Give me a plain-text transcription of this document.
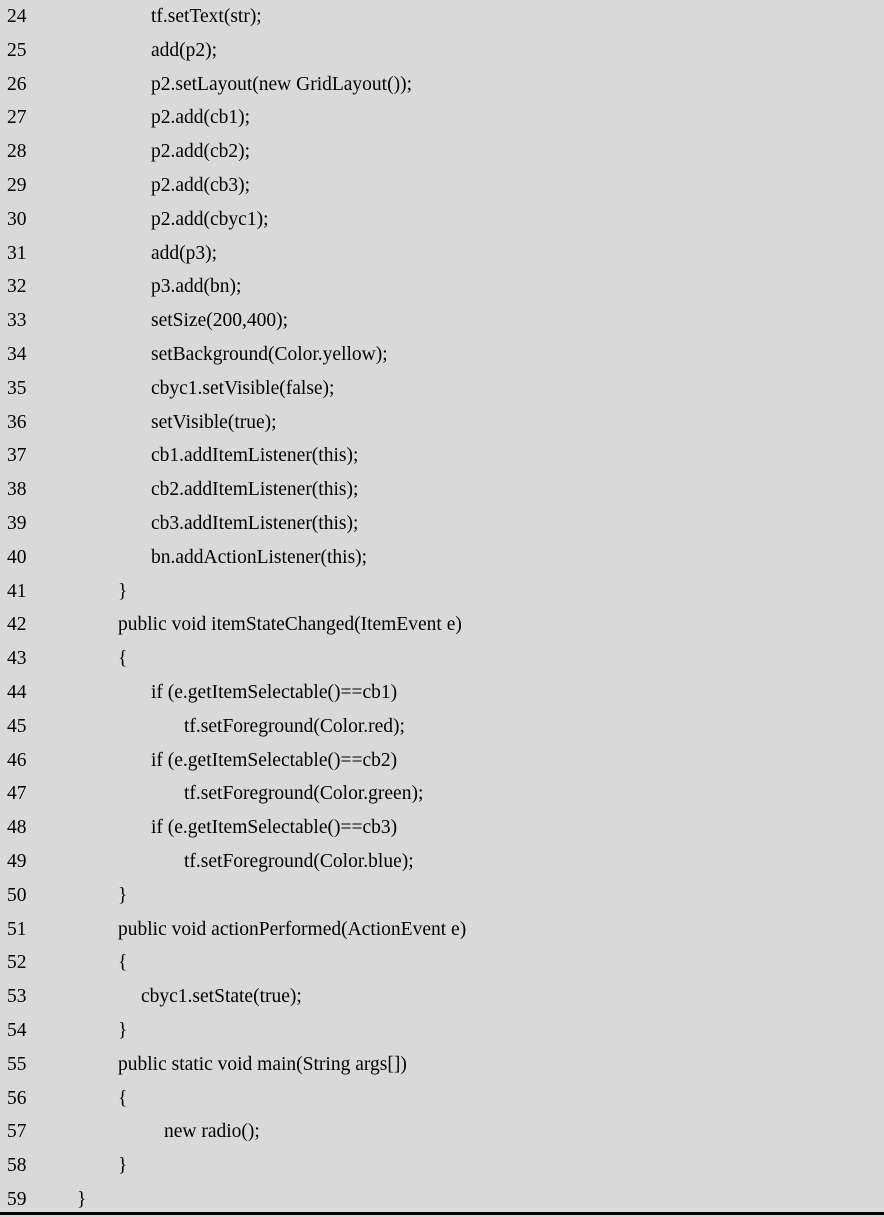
24	tf.setText(str);
25	add(p2);
26	p2.setLayout(new GridLayout());
27	p2.add(cb1);
28	p2.add(cb2);
29	p2.add(cb3);
30	p2.add(cbyc1);
31	add(p3);
32	p3.add(bn);
33	setSize(200,400);
34	setBackground(Color.yellow);
35	cbyc1.setVisible(false);
36	setVisible(true);
37	cb1.addItemListener(this);
38	cb2.addItemListener(this);
39	cb3.addItemListener(this);
40	bn.addActionListener(this);
41	}
42	public void itemStateChanged(ItemEvent e)
43	{
44	if (e.getItemSelectable()==cb1)
45	tf.setForeground(Color.red);
46	if (e.getItemSelectable()==cb2)
47	tf.setForeground(Color.green);
48	if (e.getItemSelectable()==cb3)
49	tf.setForeground(Color.blue);
50	}
51	public void actionPerformed(ActionEvent e)
52	{
53	cbyc1.setState(true);
54	}
55	public static void main(String args[])
56	{
57	new radio();
58	}
59	}
